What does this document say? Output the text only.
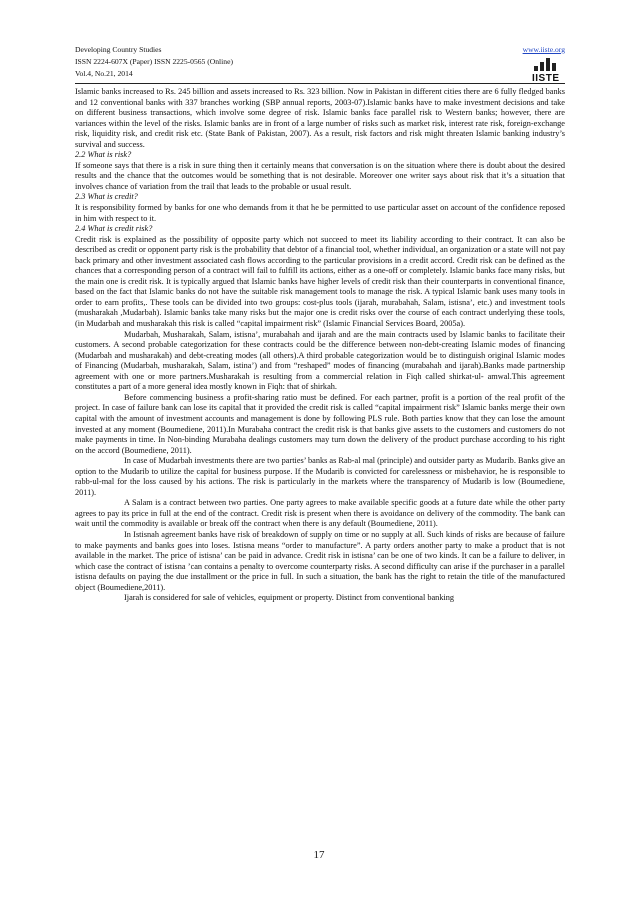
Developing Country Studies
ISSN 2224-607X (Paper) ISSN 2225-0565 (Online)
Vol.4, No.21, 2014
www.iiste.org
IISTE

Islamic banks increased to Rs. 245 billion and assets increased to Rs. 323 billion. Now in Pakistan in different cities there are 6 fully fledged banks and 12 conventional banks with 337 branches working (SBP annual reports, 2003-07).Islamic banks have to make investment decisions and take on different business transactions, which involve some degree of risk. Islamic banks face parallel risk to Western banks; however, there are variances within the level of the risks. Islamic banks are in front of a large number of risks such as market risk, interest rate risk, foreign-exchange risk, liquidity risk, and credit risk etc. (State Bank of Pakistan, 2007). As a result, risk factors and risk might threaten Islamic banking industry’s survival and success.

2.2 What is risk?

If someone says that there is a risk in sure thing then it certainly means that conversation is on the situation where there is doubt about the desired results and the chance that the outcomes would be something that is not desirable. Moreover one writer says about risk that it’s a situation that involves chance of variation from the trail that leads to the probable or usual result.

2.3 What is credit?

It is responsibility formed by banks for one who demands from it that he be permitted to use particular asset on account of the confidence reposed in him with respect to it.

2.4 What is credit risk?

Credit risk is explained as the possibility of opposite party which not succeed to meet its liability according to their contract. It can also be described as credit or opponent party risk is the probability that debtor of a financial tool, whether individual, an organization or a state will not pay back primary and other investment associated cash flows according to the particular provisions in a credit accord. Credit risk can be defined as the chances that a corresponding person of a contract will fail to fulfill its actions, either as a one-off or completely. Islamic banks face many risks, but the main one is credit risk. It is typically argued that Islamic banks have higher levels of credit risk than their counterparts in conventional finance, based on the fact that Islamic banks do not have the suitable risk management tools to manage the risk. A typical Islamic bank uses many tools in order to earn profits,. These tools can be divided into two groups: cost-plus tools (ijarah, murabahah, Salam, istisna’, etc.) and investment tools (musharakah ,Mudarbah). Islamic banks take many risks but the major one is credit risks over the course of each contract underlying these tools, (in Mudarbah and musharakah this risk is called “capital impairment risk” (Islamic Financial Services Board, 2005a).

Mudarbah, Musharakah, Salam, istisna’, murabahah and ijarah and are the main contracts used by Islamic banks to facilitate their customers. A second probable categorization for these contracts could be the difference between non-debt-creating Islamic modes of financing (Mudarbah and musharakah) and debt-creating modes (all others).A third probable categorization would be to distinguish original Islamic modes of Financing (Mudarbah, musharakah, Salam, istina’) and from “reshaped” modes of financing (murabahah and ijarah).Banks made partnership agreement with one or more partners.Musharakah is resulting from a commercial relation in Fiqh called shirkat-ul- amwal.This agreement constitutes a part of a more general idea mostly known in Fiqh: that of shirkah.

Before commencing business a profit-sharing ratio must be defined. For each partner, profit is a portion of the real profit of the project. In case of failure bank can lose its capital that it provided the credit risk is called “capital impairment risk” Islamic banks merge their own capital with the amount of investment accounts and management is done by following PLS rule. Both parties know that they can lose the amount invested at any moment (Boumediene, 2011).In Murabaha contract the credit risk is that banks give assets to the customers and customers do not make payments in time. In Non-binding Murabaha dealings customers may turn down the delivery of the product purchase according to his right on the accord (Boumediene, 2011).

In case of Mudarbah investments there are two parties’ banks as Rab-al mal (principle) and outsider party as Mudarib. Banks give an option to the Mudarib to utilize the capital for business purpose. If the Mudarib is convicted for carelessness or misbehavior, he is responsible to rabb-ul-mal for the loss caused by his actions. The risk is particularly in the markets where the transparency of Mudarib is low (Boumediene, 2011).

A Salam is a contract between two parties. One party agrees to make available specific goods at a future date while the other party agrees to pay its price in full at the end of the contract. Credit risk is present when there is avoidance on delivery of the commodity. The bank can wait until the commodity is available or break off the contract when there is any default (Boumediene, 2011).

In Istisnah agreement banks have risk of breakdown of supply on time or no supply at all. Such kinds of risks are because of failure to make payments and banks goes into loses. Istisna means “order to manufacture”. A party orders another party to make a product that is not available in the market. The price of istisna’ can be paid in advance. Credit risk in istisna’ can be one of two kinds. It can be a failure to deliver, in which case the contract of istisna ’can contains a penalty to overcome counterparty risks. A second difficulty can arise if the purchaser in a parallel istisna defaults on paying the due installment or the price in full. In such a situation, the bank has the right to retain the title of the manufactured object (Boumediene,2011).

Ijarah is considered for sale of vehicles, equipment or property. Distinct from conventional banking

17
